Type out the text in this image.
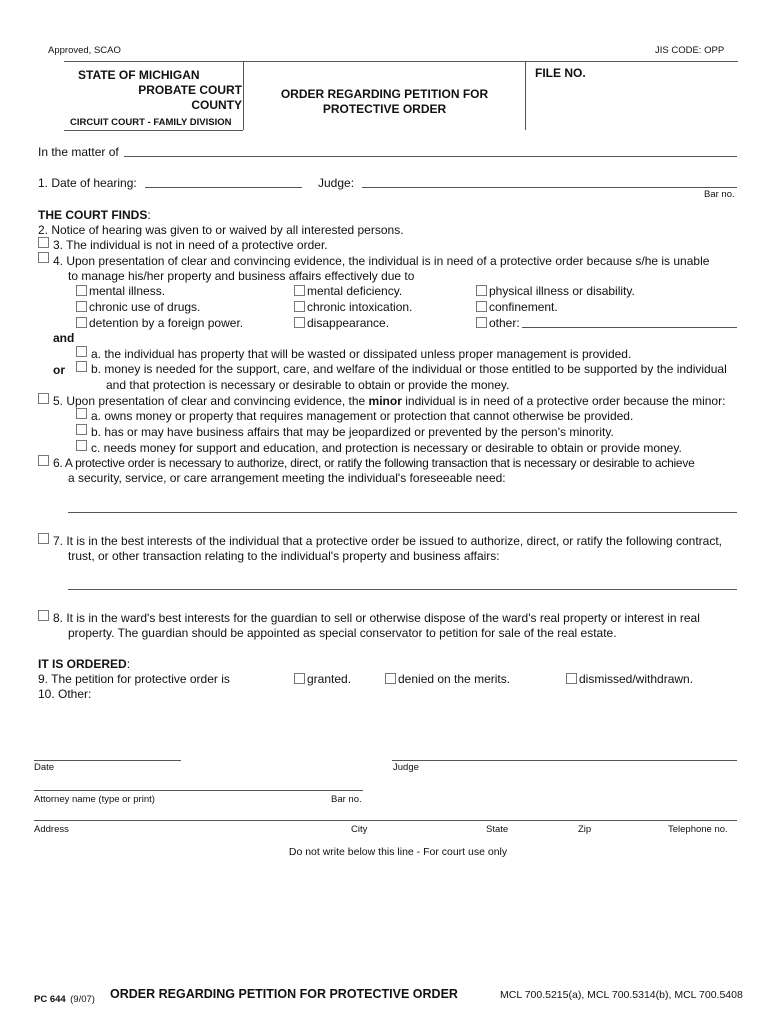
Approved, SCAO	JIS CODE: OPP
STATE OF MICHIGAN
PROBATE COURT
COUNTY
CIRCUIT COURT - FAMILY DIVISION
ORDER REGARDING PETITION FOR
PROTECTIVE ORDER
FILE NO.
In the matter of
1. Date of hearing:	Judge:
Bar no.
THE COURT FINDS:
2. Notice of hearing was given to or waived by all interested persons.
3. The individual is not in need of a protective order.
4. Upon presentation of clear and convincing evidence, the individual is in need of a protective order because s/he is unable
to manage his/her property and business affairs effectively due to
mental illness.	mental deficiency.	physical illness or disability.
chronic use of drugs.	chronic intoxication.	confinement.
detention by a foreign power.	disappearance.	other:
and
a. the individual has property that will be wasted or dissipated unless proper management is provided.
or b. money is needed for the support, care, and welfare of the individual or those entitled to be supported by the individual
and that protection is necessary or desirable to obtain or provide the money.
5. Upon presentation of clear and convincing evidence, the minor individual is in need of a protective order because the minor:
a. owns money or property that requires management or protection that cannot otherwise be provided.
b. has or may have business affairs that may be jeopardized or prevented by the person's minority.
c. needs money for support and education, and protection is necessary or desirable to obtain or provide money.
6. A protective order is necessary to authorize, direct, or ratify the following transaction that is necessary or desirable to achieve
a security, service, or care arrangement meeting the individual's foreseeable need:
7. It is in the best interests of the individual that a protective order be issued to authorize, direct, or ratify the following contract,
trust, or other transaction relating to the individual's property and business affairs:
8. It is in the ward's best interests for the guardian to sell or otherwise dispose of the ward's real property or interest in real
property. The guardian should be appointed as special conservator to petition for sale of the real estate.
IT IS ORDERED:
9. The petition for protective order is	granted.	denied on the merits.	dismissed/withdrawn.
10. Other:
Date	Judge
Attorney name (type or print)	Bar no.
Address	City	State	Zip	Telephone no.
Do not write below this line - For court use only
PC 644 (9/07) ORDER REGARDING PETITION FOR PROTECTIVE ORDER	MCL 700.5215(a), MCL 700.5314(b), MCL 700.5408
